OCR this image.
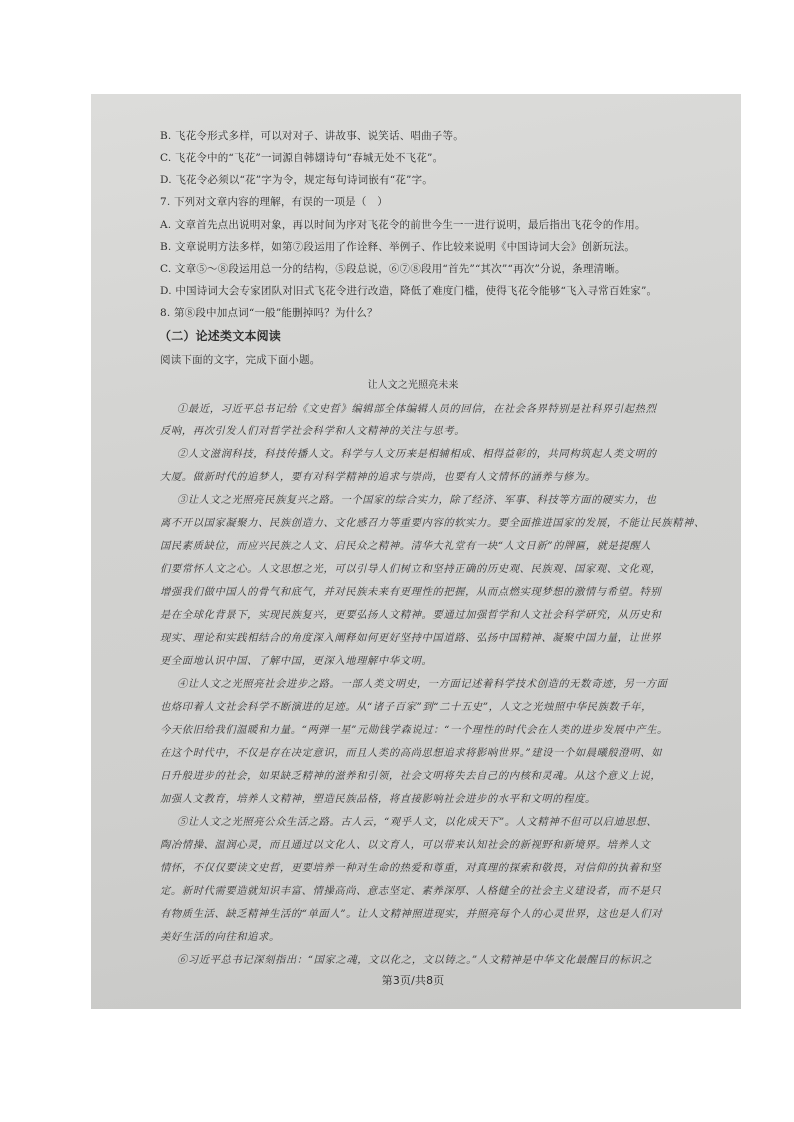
B. 飞花令形式多样，可以对对子、讲故事、说笑话、唱曲子等。
C. 飞花令中的“飞花”一词源自韩翃诗句“春城无处不飞花”。
D. 飞花令必须以“花”字为令，规定每句诗词嵌有“花”字。
7. 下列对文章内容的理解，有误的一项是（　）
A. 文章首先点出说明对象，再以时间为序对飞花令的前世今生一一进行说明，最后指出飞花令的作用。
B. 文章说明方法多样，如第⑦段运用了作诠释、举例子、作比较来说明《中国诗词大会》创新玩法。
C. 文章⑤～⑧段运用总一分的结构，⑤段总说，⑥⑦⑧段用“首先”“其次”“再次”分说，条理清晰。
D. 中国诗词大会专家团队对旧式飞花令进行改造，降低了难度门槛，使得飞花令能够“飞入寻常百姓家”。
8. 第⑧段中加点词“一般”能删掉吗？为什么？
（二）论述类文本阅读
阅读下面的文字，完成下面小题。
让人文之光照亮未来
①最近，习近平总书记给《文史哲》编辑部全体编辑人员的回信，在社会各界特别是社科界引起热烈
反响，再次引发人们对哲学社会科学和人文精神的关注与思考。
②人文滋润科技，科技传播人文。科学与人文历来是相辅相成、相得益彰的，共同构筑起人类文明的
大厦。做新时代的追梦人，要有对科学精神的追求与崇尚，也要有人文情怀的涵养与修为。
③让人文之光照亮民族复兴之路。一个国家的综合实力，除了经济、军事、科技等方面的硬实力，也
离不开以国家凝聚力、民族创造力、文化感召力等重要内容的软实力。要全面推进国家的发展，不能让民族精神、
国民素质缺位，而应兴民族之人文、启民众之精神。清华大礼堂有一块“人文日新”的牌匾，就是提醒人
们要常怀人文之心。人文思想之光，可以引导人们树立和坚持正确的历史观、民族观、国家观、文化观，
增强我们做中国人的骨气和底气，并对民族未来有更理性的把握，从而点燃实现梦想的激情与希望。特别
是在全球化背景下，实现民族复兴，更要弘扬人文精神。要通过加强哲学和人文社会科学研究，从历史和
现实、理论和实践相结合的角度深入阐释如何更好坚持中国道路、弘扬中国精神、凝聚中国力量，让世界
更全面地认识中国、了解中国，更深入地理解中华文明。
④让人文之光照亮社会进步之路。一部人类文明史，一方面记述着科学技术创造的无数奇迹，另一方面
也烙印着人文社会科学不断演进的足迹。从“诸子百家”到“二十五史”，人文之光烛照中华民族数千年，
今天依旧给我们温暖和力量。“两弹一星”元勋钱学森说过：“一个理性的时代会在人类的进步发展中产生。
在这个时代中，不仅是存在决定意识，而且人类的高尚思想追求将影响世界。”建设一个如晨曦般澄明、如
日升般进步的社会，如果缺乏精神的滋养和引领，社会文明将失去自己的内核和灵魂。从这个意义上说，
加强人文教育，培养人文精神，塑造民族品格，将直接影响社会进步的水平和文明的程度。
⑤让人文之光照亮公众生活之路。古人云，“观乎人文，以化成天下”。人文精神不但可以启迪思想、
陶冶情操、温润心灵，而且通过以文化人、以文育人，可以带来认知社会的新视野和新境界。培养人文
情怀，不仅仅要读文史哲，更要培养一种对生命的热爱和尊重，对真理的探索和敬畏，对信仰的执着和坚
定。新时代需要造就知识丰富、情操高尚、意志坚定、素养深厚、人格健全的社会主义建设者，而不是只
有物质生活、缺乏精神生活的“单面人”。让人文精神照进现实，并照亮每个人的心灵世界，这也是人们对
美好生活的向往和追求。
⑥习近平总书记深刻指出：“国家之魂，文以化之，文以铸之。”人文精神是中华文化最醒目的标识之
第3页/共8页
